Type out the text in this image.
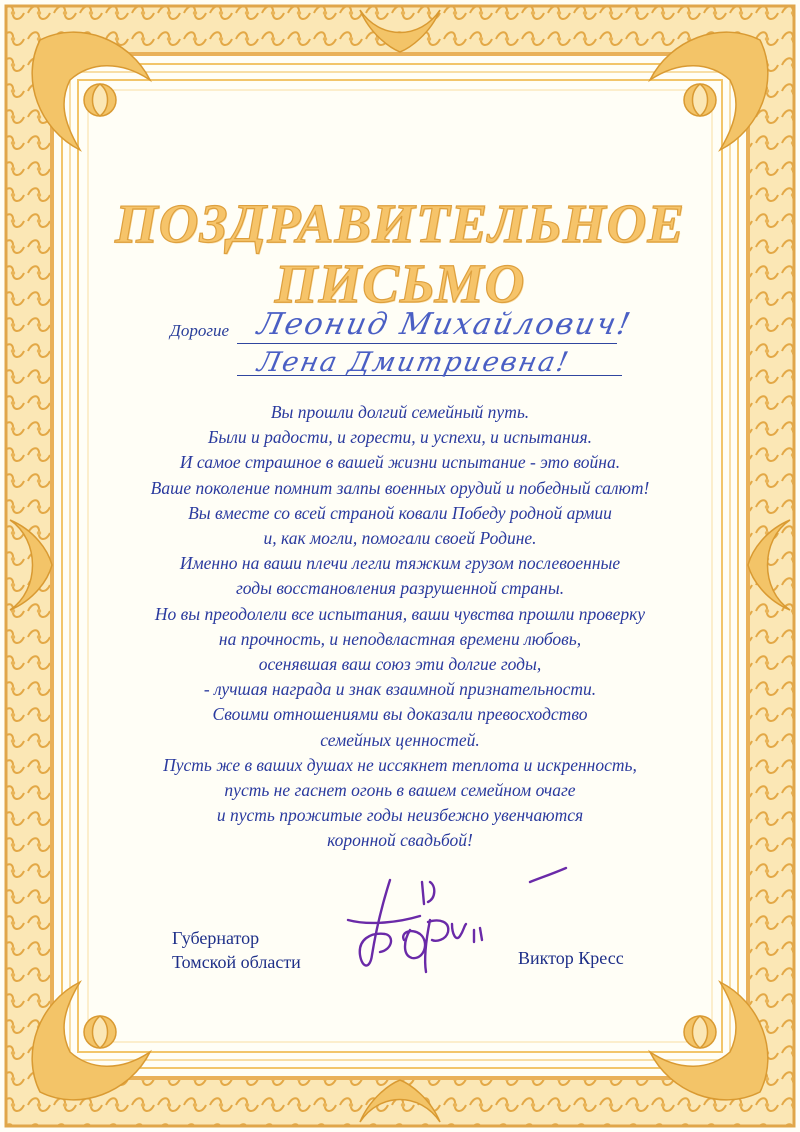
ПОЗДРАВИТЕЛЬНОЕ
ПИСЬМО
Дорогие Леонид Михайлович!
Лена Дмитриевна!
Вы прошли долгий семейный путь.
Были и радости, и горести, и успехи, и испытания.
И самое страшное в вашей жизни испытание - это война.
Ваше поколение помнит залпы военных орудий и победный салют!
Вы вместе со всей страной ковали Победу родной армии
и, как могли, помогали своей Родине.
Именно на ваши плечи легли тяжким грузом послевоенные
годы восстановления разрушенной страны.
Но вы преодолели все испытания, ваши чувства прошли проверку
на прочность, и неподвластная времени любовь,
осенявшая ваш союз эти долгие годы,
- лучшая награда и знак взаимной признательности.
Своими отношениями вы доказали превосходство
семейных ценностей.
Пусть же в ваших душах не иссякнет теплота и искренность,
пусть не гаснет огонь в вашем семейном очаге
и пусть прожитые годы неизбежно увенчаются
коронной свадьбой!
Губернатор
Томской области	Виктор Кресс
